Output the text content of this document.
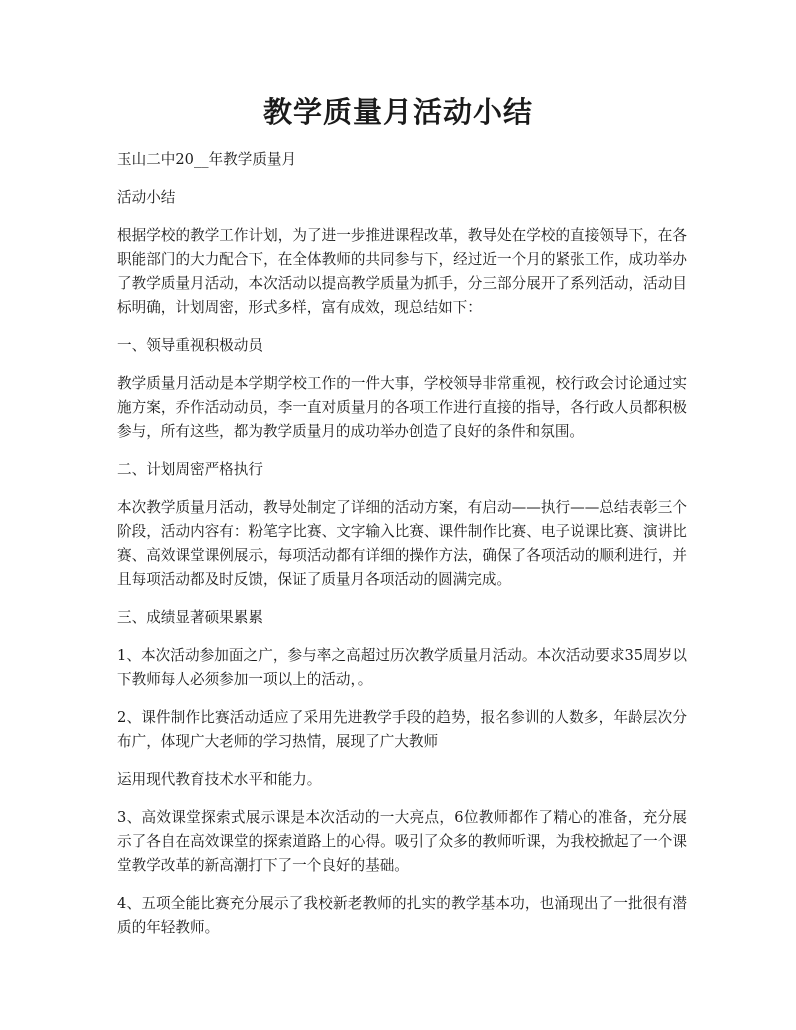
教学质量月活动小结

玉山二中20__年教学质量月

活动小结

根据学校的教学工作计划，为了进一步推进课程改革，教导处在学校的直接领导下，在各职能部门的大力配合下，在全体教师的共同参与下，经过近一个月的紧张工作，成功举办了教学质量月活动，本次活动以提高教学质量为抓手，分三部分展开了系列活动，活动目标明确，计划周密，形式多样，富有成效，现总结如下：

一、领导重视积极动员

教学质量月活动是本学期学校工作的一件大事，学校领导非常重视，校行政会讨论通过实施方案，乔作活动动员，李一直对质量月的各项工作进行直接的指导，各行政人员都积极参与，所有这些，都为教学质量月的成功举办创造了良好的条件和氛围。

二、计划周密严格执行

本次教学质量月活动，教导处制定了详细的活动方案，有启动——执行——总结表彰三个阶段，活动内容有：粉笔字比赛、文字输入比赛、课件制作比赛、电子说课比赛、演讲比赛、高效课堂课例展示，每项活动都有详细的操作方法，确保了各项活动的顺利进行，并且每项活动都及时反馈，保证了质量月各项活动的圆满完成。

三、成绩显著硕果累累

1、本次活动参加面之广，参与率之高超过历次教学质量月活动。本次活动要求35周岁以下教师每人必须参加一项以上的活动，。

2、课件制作比赛活动适应了采用先进教学手段的趋势，报名参训的人数多，年龄层次分布广，体现广大老师的学习热情，展现了广大教师

运用现代教育技术水平和能力。

3、高效课堂探索式展示课是本次活动的一大亮点，6位教师都作了精心的准备，充分展示了各自在高效课堂的探索道路上的心得。吸引了众多的教师听课，为我校掀起了一个课堂教学改革的新高潮打下了一个良好的基础。

4、五项全能比赛充分展示了我校新老教师的扎实的教学基本功，也涌现出了一批很有潜质的年轻教师。
